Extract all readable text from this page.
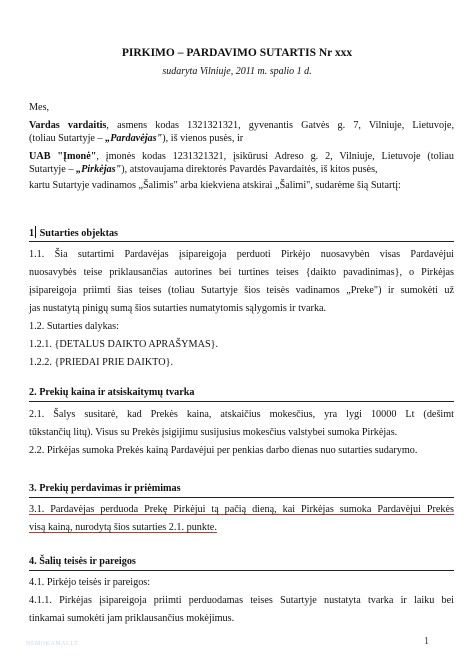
PIRKIMO – PARDAVIMO SUTARTIS Nr xxx
sudaryta Vilniuje, 2011 m. spalio 1 d.
Mes,
Vardas vardaitis, asmens kodas 1321321321, gyvenantis Gatvės g. 7, Vilniuje, Lietuvoje,
(toliau Sutartyje – „Pardavėjas"), iš vienos pusės, ir
UAB "Įmonė", įmonės kodas 1231321321, įsikūrusi Adreso g. 2, Vilniuje, Lietuvoje (toliau
Sutartyje – „Pirkėjas"), atstovaujama direktorės Pavardės Pavardaitės, iš kitos pusės,
kartu Sutartyje vadinamos „Šalimis" arba kiekviena atskirai „Šalimi", sudarėme šią Sutartį:
1 Sutarties objektas
1.1. Šia sutartimi Pardavėjas įsipareigoja perduoti Pirkėjo nuosavybėn visas Pardavėjui
nuosavybės teise priklausančias autorines bei turtines teises {daikto pavadinimas}, o Pirkėjas
įsipareigoja priimti šias teises (toliau Sutartyje šios teisės vadinamos „Preke") ir sumokėti už
jas nustatytą pinigų sumą šios sutarties numatytomis sąlygomis ir tvarka.
1.2. Sutarties dalykas:
1.2.1. {DETALUS DAIKTO APRAŠYMAS}.
1.2.2. {PRIEDAI PRIE DAIKTO}.
2. Prekių kaina ir atsiskaitymų tvarka
2.1. Šalys susitarė, kad Prekės kaina, atskaičius mokesčius, yra lygi 10000 Lt (dešimt
tūkstančių litų). Visus su Prekės įsigijimu susijusius mokesčius valstybei sumoka Pirkėjas.
2.2. Pirkėjas sumoka Prekės kainą Pardavėjui per penkias darbo dienas nuo sutarties sudarymo.
3. Prekių perdavimas ir priėmimas
3.1. Pardavėjas perduoda Prekę Pirkėjui tą pačią dieną, kai Pirkėjas sumoka Pardavėjui Prekės
visą kainą, nurodytą šios sutarties 2.1. punkte.
4. Šalių teisės ir pareigos
4.1. Pirkėjo teisės ir pareigos:
4.1.1. Pirkėjas įsipareigoja priimti perduodamas teises Sutartyje nustatyta tvarka ir laiku bei
tinkamai sumokėti jam priklausančius mokėjimus.
NEMOKAMAI.LT	1
